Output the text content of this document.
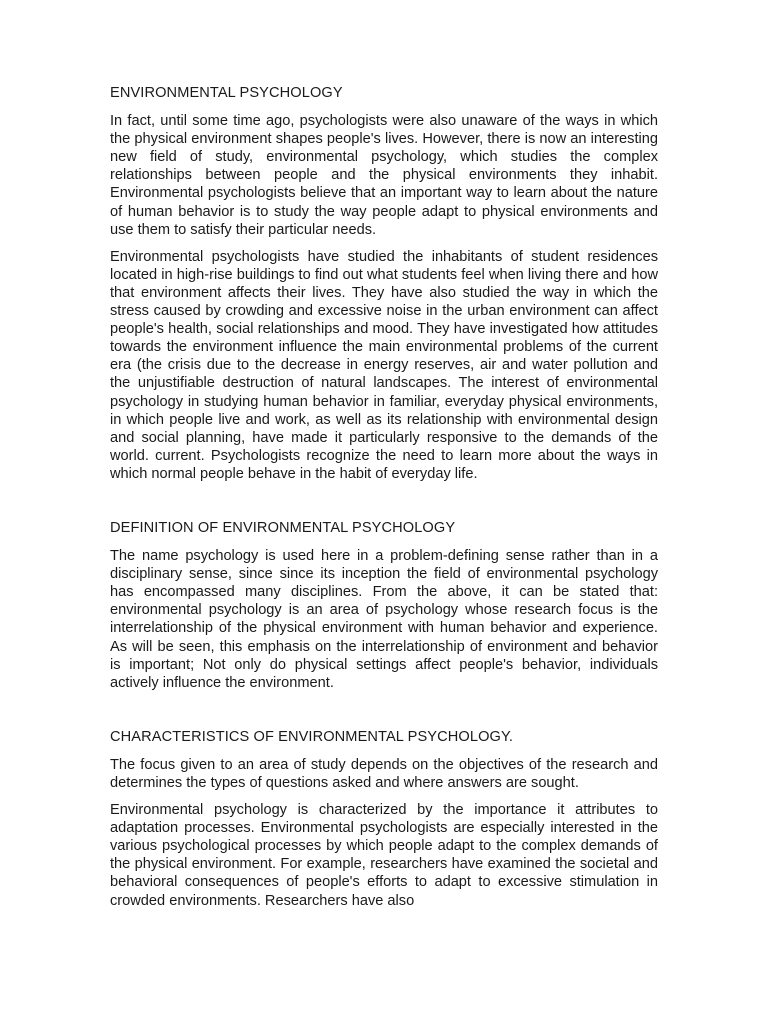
ENVIRONMENTAL PSYCHOLOGY

In fact, until some time ago, psychologists were also unaware of the ways in which the physical environment shapes people's lives. However, there is now an interesting new field of study, environmental psychology, which studies the complex relationships between people and the physical environments they inhabit. Environmental psychologists believe that an important way to learn about the nature of human behavior is to study the way people adapt to physical environments and use them to satisfy their particular needs.

Environmental psychologists have studied the inhabitants of student residences located in high-rise buildings to find out what students feel when living there and how that environment affects their lives. They have also studied the way in which the stress caused by crowding and excessive noise in the urban environment can affect people's health, social relationships and mood. They have investigated how attitudes towards the environment influence the main environmental problems of the current era (the crisis due to the decrease in energy reserves, air and water pollution and the unjustifiable destruction of natural landscapes. The interest of environmental psychology in studying human behavior in familiar, everyday physical environments, in which people live and work, as well as its relationship with environmental design and social planning, have made it particularly responsive to the demands of the world. current. Psychologists recognize the need to learn more about the ways in which normal people behave in the habit of everyday life.

DEFINITION OF ENVIRONMENTAL PSYCHOLOGY

The name psychology is used here in a problem-defining sense rather than in a disciplinary sense, since since its inception the field of environmental psychology has encompassed many disciplines. From the above, it can be stated that: environmental psychology is an area of psychology whose research focus is the interrelationship of the physical environment with human behavior and experience. As will be seen, this emphasis on the interrelationship of environment and behavior is important; Not only do physical settings affect people's behavior, individuals actively influence the environment.

CHARACTERISTICS OF ENVIRONMENTAL PSYCHOLOGY.

The focus given to an area of study depends on the objectives of the research and determines the types of questions asked and where answers are sought.

Environmental psychology is characterized by the importance it attributes to adaptation processes. Environmental psychologists are especially interested in the various psychological processes by which people adapt to the complex demands of the physical environment. For example, researchers have examined the societal and behavioral consequences of people's efforts to adapt to excessive stimulation in crowded environments. Researchers have also
